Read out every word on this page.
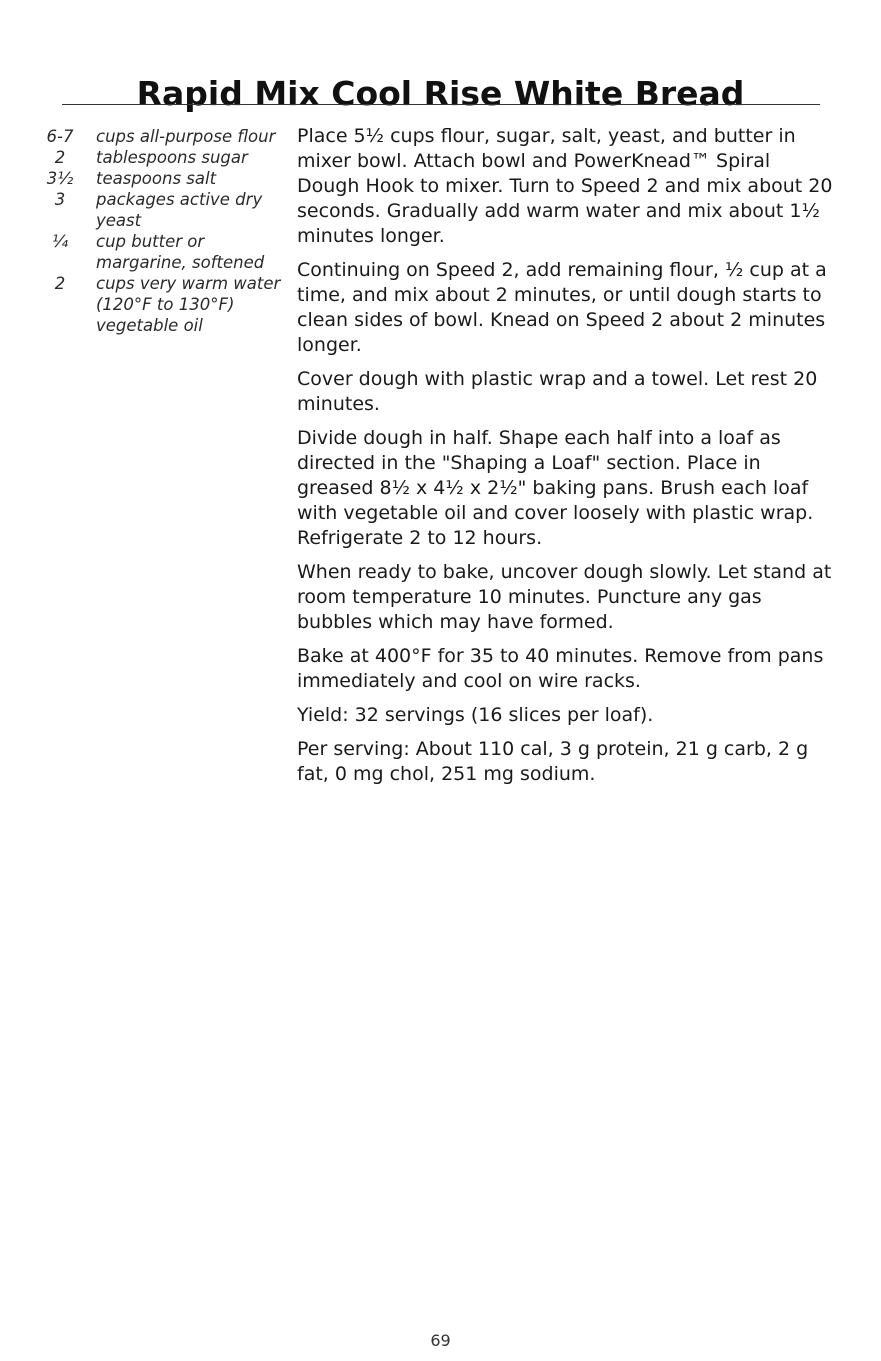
Rapid Mix Cool Rise White Bread
6-7	cups all-purpose flour
2	tablespoons sugar
3½	teaspoons salt
3	packages active dry yeast
¼	cup butter or margarine, softened
2	cups very warm water (120°F to 130°F)
vegetable oil

Place 5½ cups flour, sugar, salt, yeast, and butter in mixer bowl. Attach bowl and PowerKnead™ Spiral Dough Hook to mixer. Turn to Speed 2 and mix about 20 seconds. Gradually add warm water and mix about 1½ minutes longer.

Continuing on Speed 2, add remaining flour, ½ cup at a time, and mix about 2 minutes, or until dough starts to clean sides of bowl. Knead on Speed 2 about 2 minutes longer.

Cover dough with plastic wrap and a towel. Let rest 20 minutes.

Divide dough in half. Shape each half into a loaf as directed in the "Shaping a Loaf" section. Place in greased 8½ x 4½ x 2½" baking pans. Brush each loaf with vegetable oil and cover loosely with plastic wrap. Refrigerate 2 to 12 hours.

When ready to bake, uncover dough slowly. Let stand at room temperature 10 minutes. Puncture any gas bubbles which may have formed.

Bake at 400°F for 35 to 40 minutes. Remove from pans immediately and cool on wire racks.

Yield: 32 servings (16 slices per loaf).

Per serving: About 110 cal, 3 g protein, 21 g carb, 2 g fat, 0 mg chol, 251 mg sodium.

69
